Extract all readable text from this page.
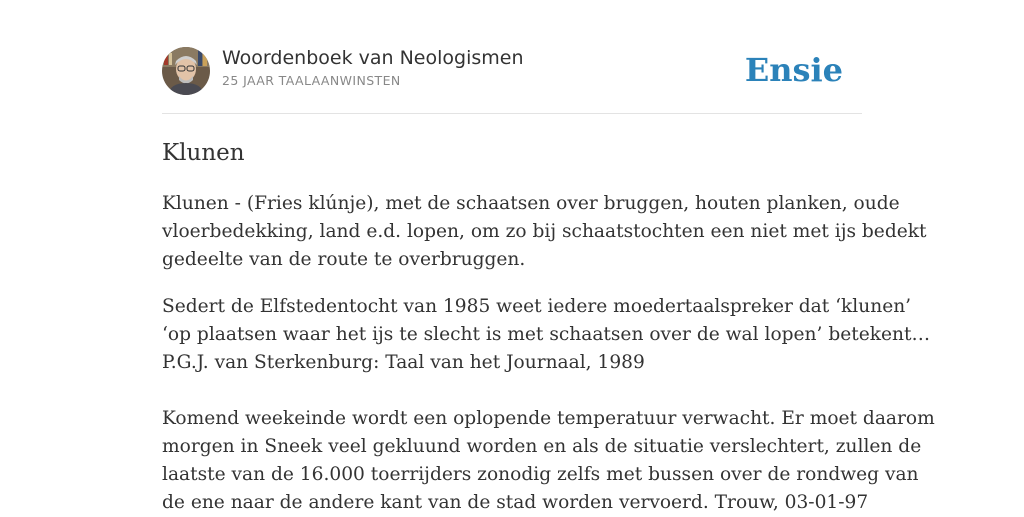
Woordenboek van Neologismen
25 JAAR TAALAANWINSTEN	Ensie
Klunen
Klunen - (Fries klúnje), met de schaatsen over bruggen, houten planken, oude
vloerbedekking, land e.d. lopen, om zo bij schaatstochten een niet met ijs bedekt
gedeelte van de route te overbruggen.
Sedert de Elfstedentocht van 1985 weet iedere moedertaalspreker dat ‘klunen’
‘op plaatsen waar het ijs te slecht is met schaatsen over de wal lopen’ betekent…
P.G.J. van Sterkenburg: Taal van het Journaal, 1989
Komend weekeinde wordt een oplopende temperatuur verwacht. Er moet daarom
morgen in Sneek veel gekluund worden en als de situatie verslechtert, zullen de
laatste van de 16.000 toerrijders zonodig zelfs met bussen over de rondweg van
de ene naar de andere kant van de stad worden vervoerd. Trouw, 03-01-97
